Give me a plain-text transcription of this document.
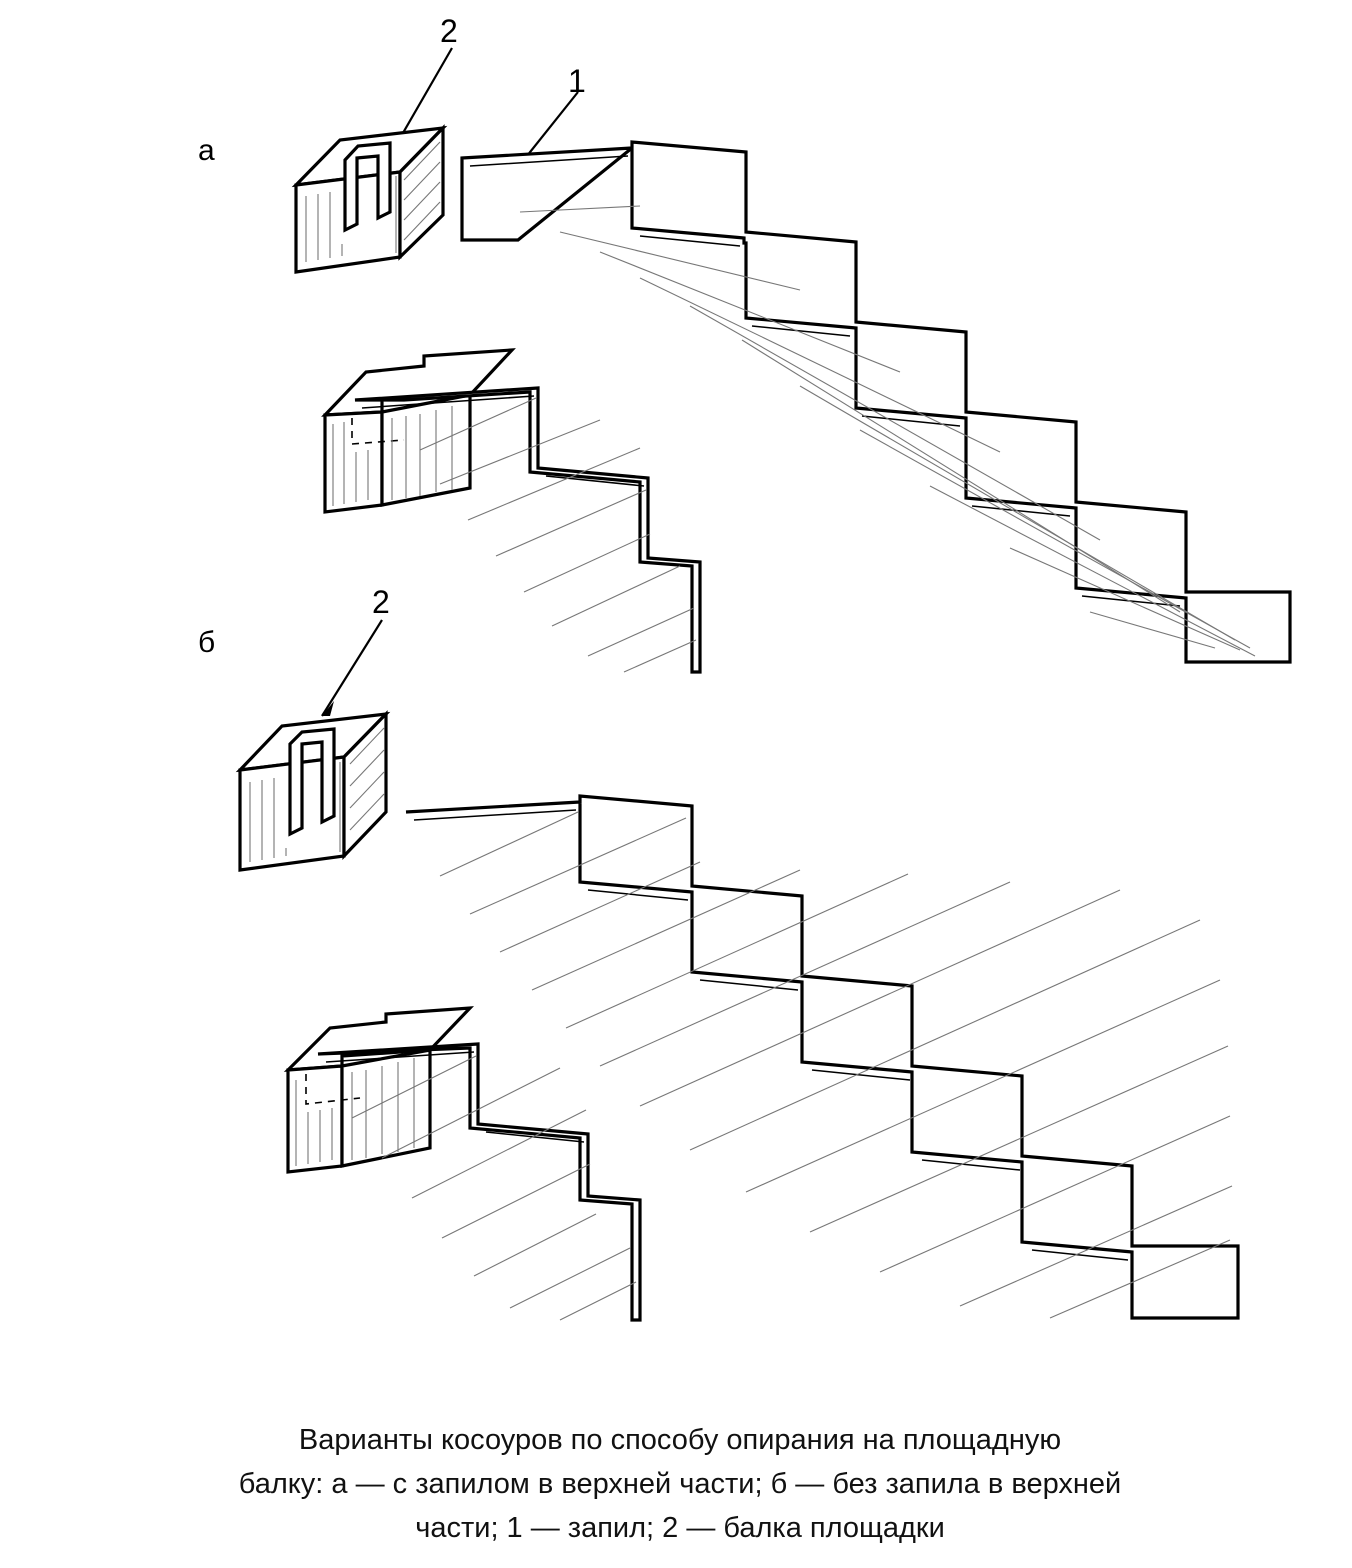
2
1
а
2
б
Варианты косоуров по способу опирания на площадную
балку: а — с запилом в верхней части; б — без запила в верхней
части; 1 — запил; 2 — балка площадки
